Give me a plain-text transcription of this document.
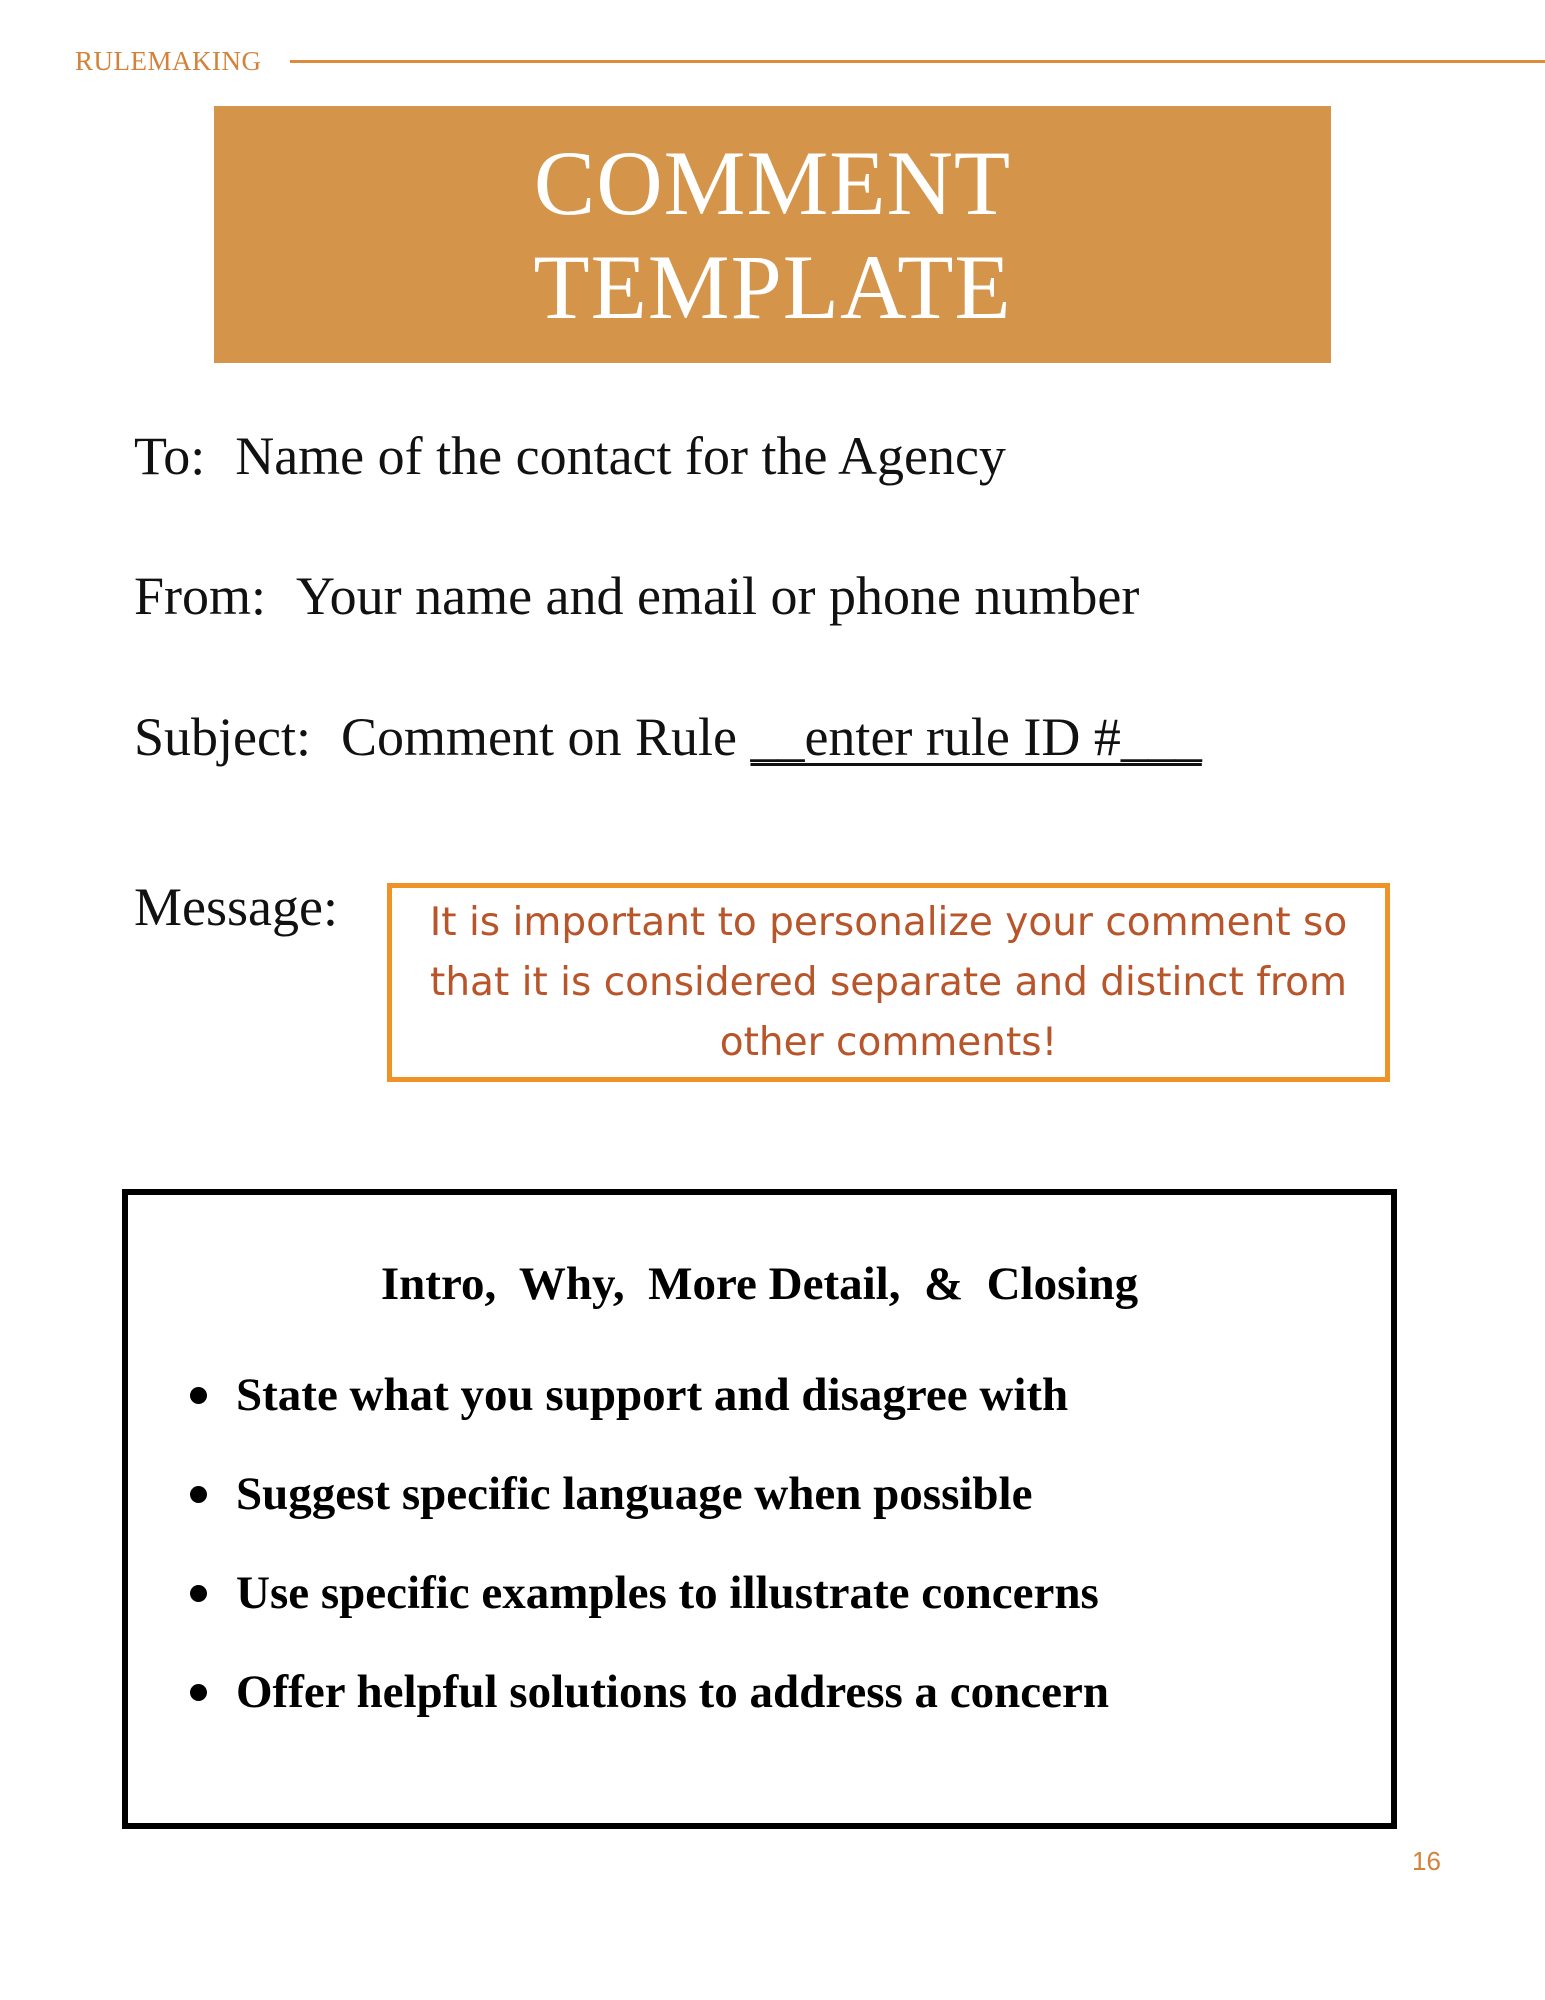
RULEMAKING
COMMENT
TEMPLATE
To: Name of the contact for the Agency
From: Your name and email or phone number
Subject: Comment on Rule __enter rule ID #___
Message: It is important to personalize your comment so that it is considered separate and distinct from other comments!
Intro,  Why,  More Detail,  &  Closing
State what you support and disagree with
Suggest specific language when possible
Use specific examples to illustrate concerns
Offer helpful solutions to address a concern
16
